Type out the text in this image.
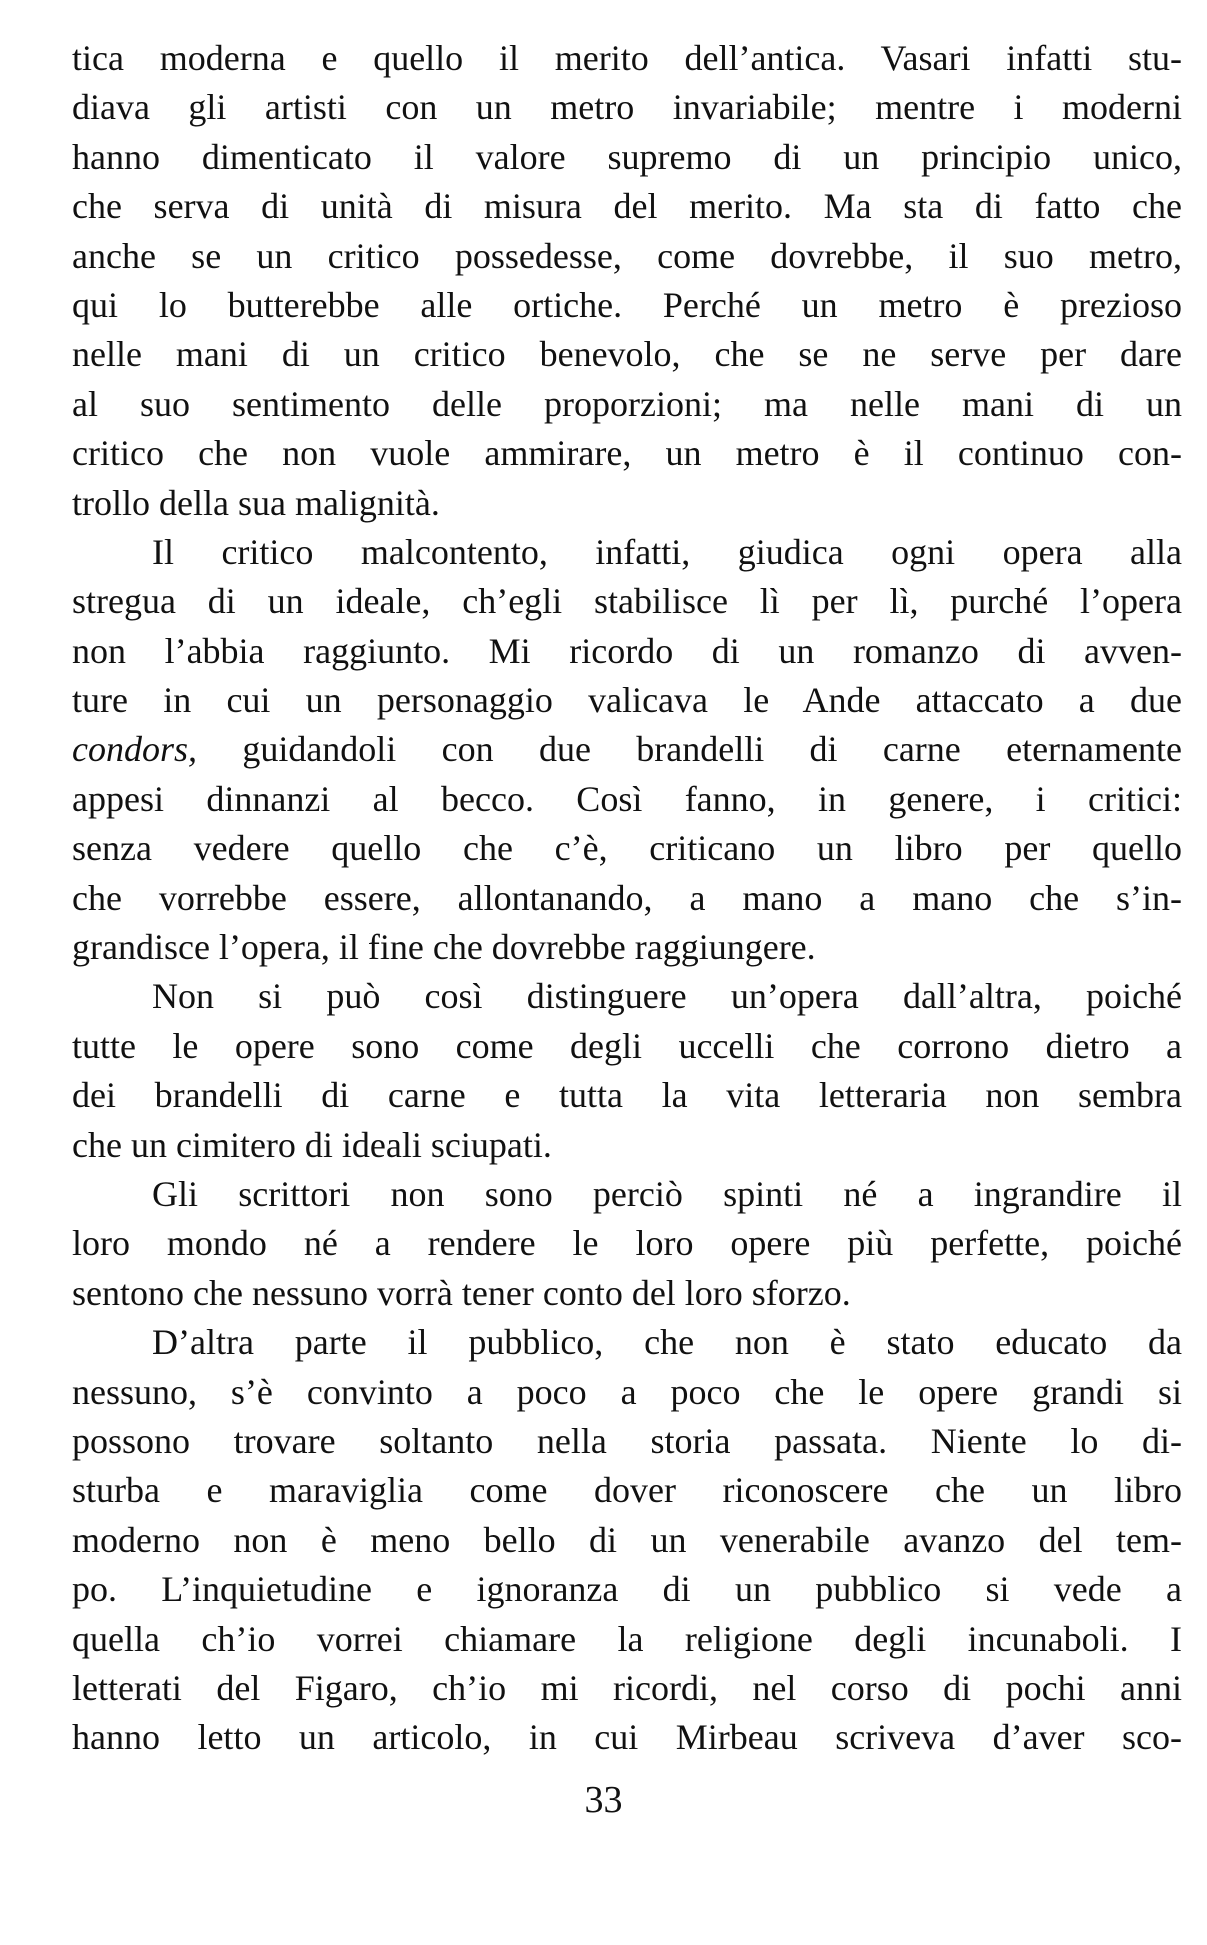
tica moderna e quello il merito dell’antica. Vasari infatti stu-
diava gli artisti con un metro invariabile; mentre i moderni
hanno dimenticato il valore supremo di un principio unico,
che serva di unità di misura del merito. Ma sta di fatto che
anche se un critico possedesse, come dovrebbe, il suo metro,
qui lo butterebbe alle ortiche. Perché un metro è prezioso
nelle mani di un critico benevolo, che se ne serve per dare
al suo sentimento delle proporzioni; ma nelle mani di un
critico che non vuole ammirare, un metro è il continuo con-
trollo della sua malignità.
Il critico malcontento, infatti, giudica ogni opera alla
stregua di un ideale, ch’egli stabilisce lì per lì, purché l’opera
non l’abbia raggiunto. Mi ricordo di un romanzo di avven-
ture in cui un personaggio valicava le Ande attaccato a due
condors, guidandoli con due brandelli di carne eternamente
appesi dinnanzi al becco. Così fanno, in genere, i critici:
senza vedere quello che c’è, criticano un libro per quello
che vorrebbe essere, allontanando, a mano a mano che s’in-
grandisce l’opera, il fine che dovrebbe raggiungere.
Non si può così distinguere un’opera dall’altra, poiché
tutte le opere sono come degli uccelli che corrono dietro a
dei brandelli di carne e tutta la vita letteraria non sembra
che un cimitero di ideali sciupati.
Gli scrittori non sono perciò spinti né a ingrandire il
loro mondo né a rendere le loro opere più perfette, poiché
sentono che nessuno vorrà tener conto del loro sforzo.
D’altra parte il pubblico, che non è stato educato da
nessuno, s’è convinto a poco a poco che le opere grandi si
possono trovare soltanto nella storia passata. Niente lo di-
sturba e maraviglia come dover riconoscere che un libro
moderno non è meno bello di un venerabile avanzo del tem-
po. L’inquietudine e ignoranza di un pubblico si vede a
quella ch’io vorrei chiamare la religione degli incunaboli. I
letterati del Figaro, ch’io mi ricordi, nel corso di pochi anni
hanno letto un articolo, in cui Mirbeau scriveva d’aver sco-
33
